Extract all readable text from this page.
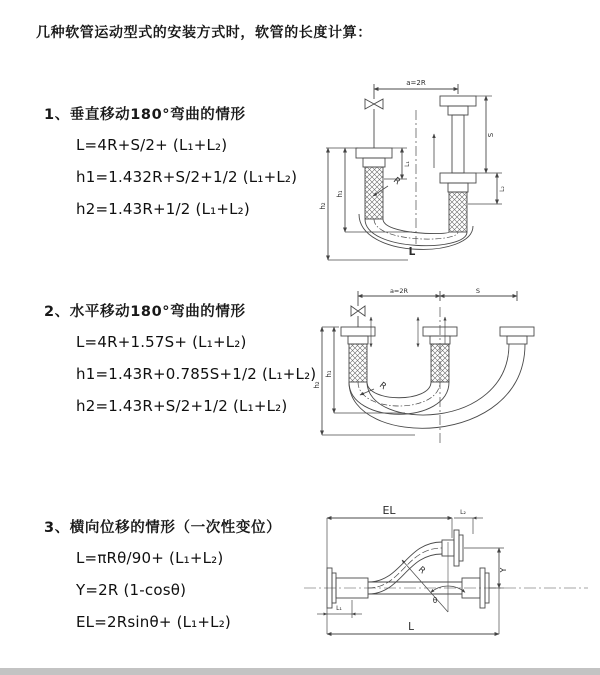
几种软管运动型式的安装方式时，软管的长度计算：
1、垂直移动180°弯曲的情形
L=4R+S/2+ (L₁+L₂)
h1=1.432R+S/2+1/2 (L₁+L₂)
h2=1.43R+1/2 (L₁+L₂)
2、水平移动180°弯曲的情形
L=4R+1.57S+ (L₁+L₂)
h1=1.43R+0.785S+1/2 (L₁+L₂)
h2=1.43R+S/2+1/2 (L₁+L₂)
3、横向位移的情形（一次性变位）
L=πRθ/90+ (L₁+L₂)
Y=2R (1-cosθ)
EL=2Rsinθ+ (L₁+L₂)
a=2R
h₂
h₁
L₁
S
L₂
R
L
a=2R	S
h₂
h₁
R
EL	L₂
Y
R
θ
L
L₁
